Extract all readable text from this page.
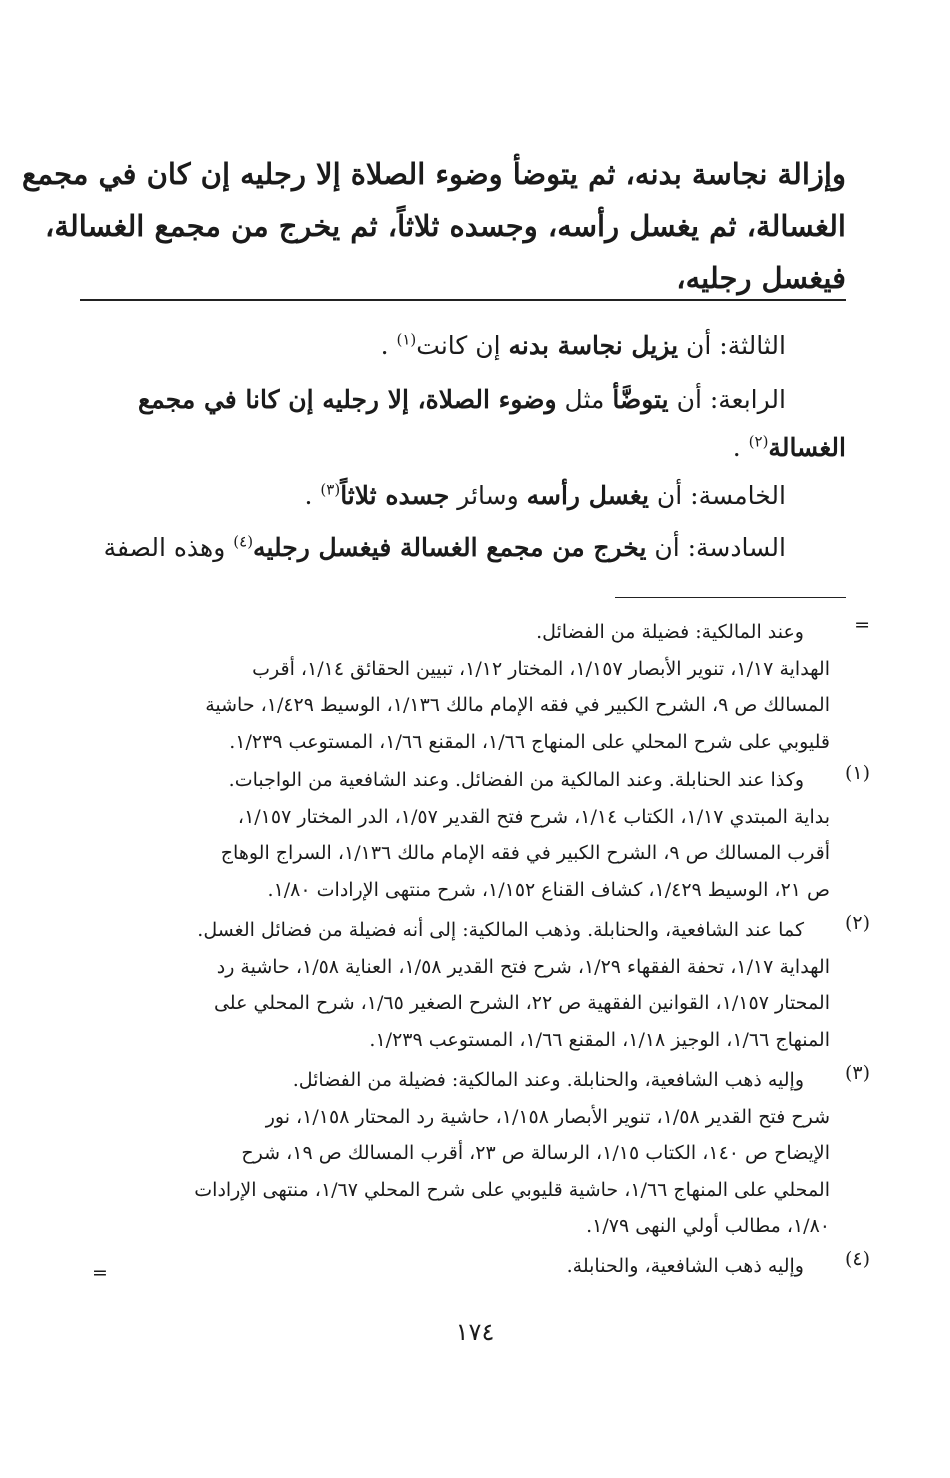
وإزالة نجاسة بدنه، ثم يتوضأ وضوء الصلاة إلا رجليه إن كان في مجمع
الغسالة، ثم يغسل رأسه، وجسده ثلاثاً، ثم يخرج من مجمع الغسالة،
فيغسل رجليه،
الثالثة: أن يزيل نجاسة بدنه إن كانت$^{(١)}$ .
الرابعة: أن يتوضَّأ مثل وضوء الصلاة، إلا رجليه إن كانا في مجمع
الغسالة$^{(٢)}$ .
الخامسة: أن يغسل رأسه وسائر جسده ثلاثاً$^{(٣)}$ .
السادسة: أن يخرج من مجمع الغسالة فيغسل رجليه$^{(٤)}$ وهذه الصفة
=
وعند المالكية: فضيلة من الفضائل.
الهداية ١/١٧، تنوير الأبصار ١/١٥٧، المختار ١/١٢، تبيين الحقائق ١/١٤، أقرب
المسالك ص ٩، الشرح الكبير في فقه الإمام مالك ١/١٣٦، الوسيط ١/٤٢٩، حاشية
قليوبي على شرح المحلي على المنهاج ١/٦٦، المقنع ١/٦٦، المستوعب ١/٢٣٩.
(١)
وكذا عند الحنابلة. وعند المالكية من الفضائل. وعند الشافعية من الواجبات.
بداية المبتدي ١/١٧، الكتاب ١/١٤، شرح فتح القدير ١/٥٧، الدر المختار ١/١٥٧،
أقرب المسالك ص ٩، الشرح الكبير في فقه الإمام مالك ١/١٣٦، السراج الوهاج
ص ٢١، الوسيط ١/٤٢٩، كشاف القناع ١/١٥٢، شرح منتهى الإرادات ١/٨٠.
(٢)
كما عند الشافعية، والحنابلة. وذهب المالكية: إلى أنه فضيلة من فضائل الغسل.
الهداية ١/١٧، تحفة الفقهاء ١/٢٩، شرح فتح القدير ١/٥٨، العناية ١/٥٨، حاشية رد
المحتار ١/١٥٧، القوانين الفقهية ص ٢٢، الشرح الصغير ١/٦٥، شرح المحلي على
المنهاج ١/٦٦، الوجيز ١/١٨، المقنع ١/٦٦، المستوعب ١/٢٣٩.
(٣)
وإليه ذهب الشافعية، والحنابلة. وعند المالكية: فضيلة من الفضائل.
شرح فتح القدير ١/٥٨، تنوير الأبصار ١/١٥٨، حاشية رد المحتار ١/١٥٨، نور
الإيضاح ص ١٤٠، الكتاب ١/١٥، الرسالة ص ٢٣، أقرب المسالك ص ١٩، شرح
المحلي على المنهاج ١/٦٦، حاشية قليوبي على شرح المحلي ١/٦٧، منتهى الإرادات
١/٨٠، مطالب أولي النهى ١/٧٩.
(٤)
وإليه ذهب الشافعية، والحنابلة.
=
١٧٤
